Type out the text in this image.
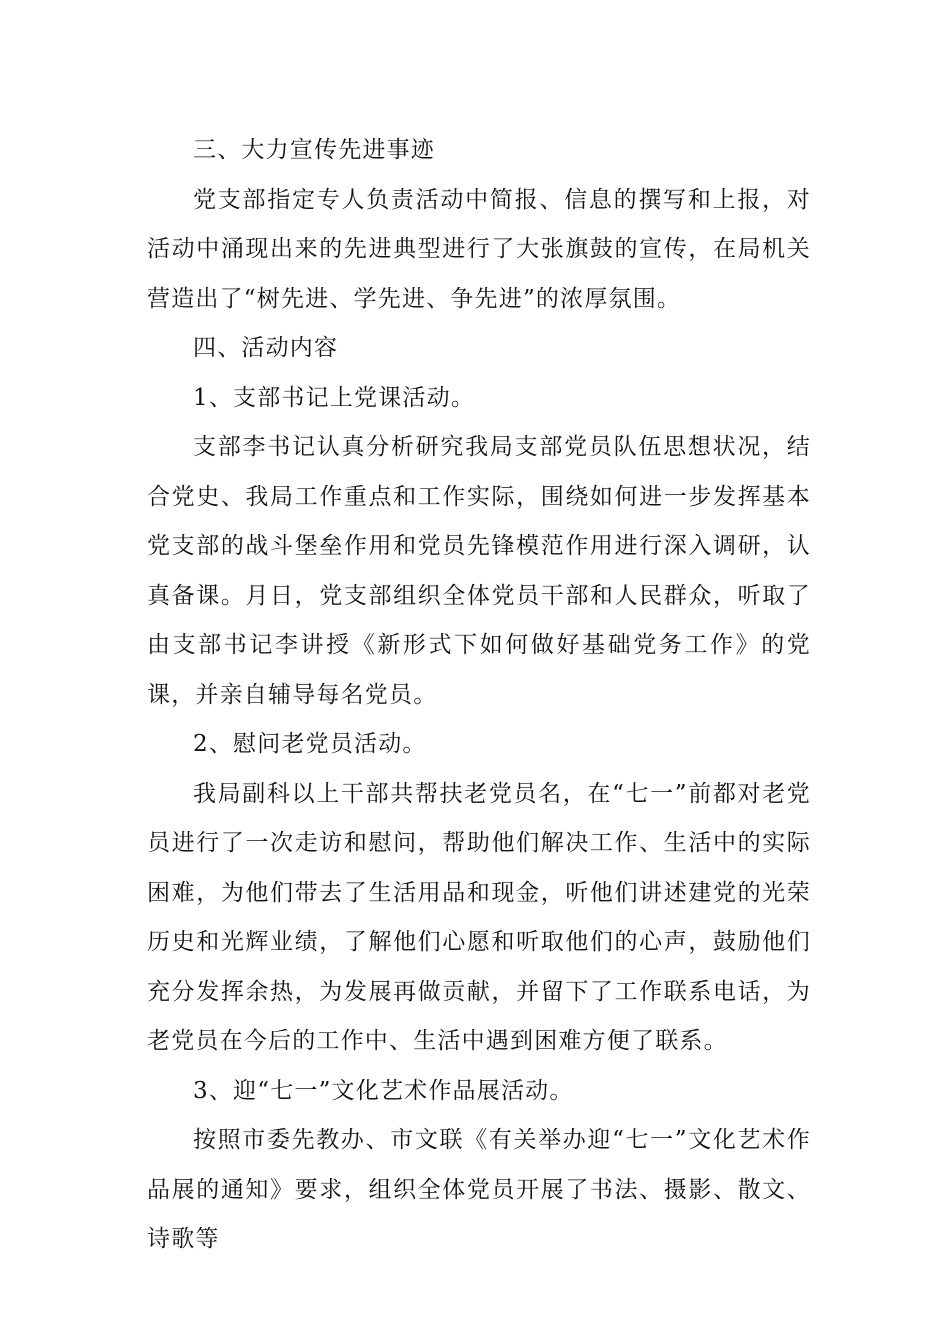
三、大力宣传先进事迹

党支部指定专人负责活动中简报、信息的撰写和上报，对活动中涌现出来的先进典型进行了大张旗鼓的宣传，在局机关营造出了“树先进、学先进、争先进”的浓厚氛围。

四、活动内容

1、支部书记上党课活动。

支部李书记认真分析研究我局支部党员队伍思想状况，结合党史、我局工作重点和工作实际，围绕如何进一步发挥基本党支部的战斗堡垒作用和党员先锋模范作用进行深入调研，认真备课。月日，党支部组织全体党员干部和人民群众，听取了由支部书记李讲授《新形式下如何做好基础党务工作》的党课，并亲自辅导每名党员。

2、慰问老党员活动。

我局副科以上干部共帮扶老党员名，在“七一”前都对老党员进行了一次走访和慰问，帮助他们解决工作、生活中的实际困难，为他们带去了生活用品和现金，听他们讲述建党的光荣历史和光辉业绩，了解他们心愿和听取他们的心声，鼓励他们充分发挥余热，为发展再做贡献，并留下了工作联系电话，为老党员在今后的工作中、生活中遇到困难方便了联系。

3、迎“七一”文化艺术作品展活动。

按照市委先教办、市文联《有关举办迎“七一”文化艺术作品展的通知》要求，组织全体党员开展了书法、摄影、散文、诗歌等
